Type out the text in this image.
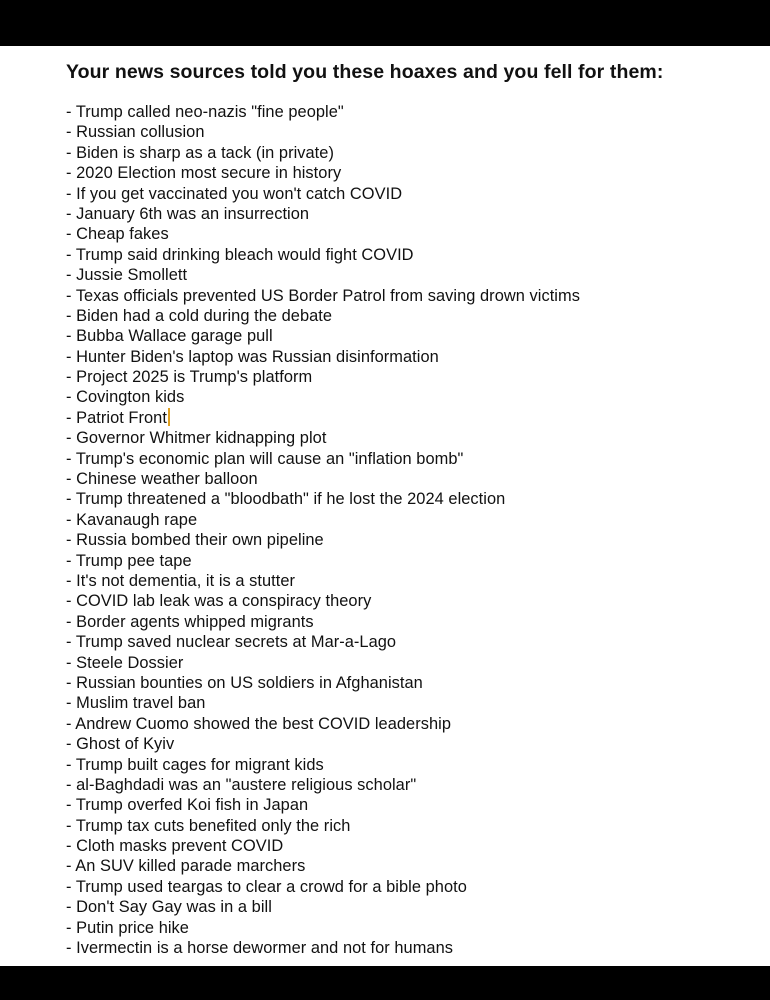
Your news sources told you these hoaxes and you fell for them:
- Trump called neo-nazis "fine people"
- Russian collusion
- Biden is sharp as a tack (in private)
- 2020 Election most secure in history
- If you get vaccinated you won't catch COVID
- January 6th was an insurrection
- Cheap fakes
- Trump said drinking bleach would fight COVID
- Jussie Smollett
- Texas officials prevented US Border Patrol from saving drown victims
- Biden had a cold during the debate
- Bubba Wallace garage pull
- Hunter Biden's laptop was Russian disinformation
- Project 2025 is Trump's platform
- Covington kids
- Patriot Front
- Governor Whitmer kidnapping plot
- Trump's economic plan will cause an "inflation bomb"
- Chinese weather balloon
- Trump threatened a "bloodbath" if he lost the 2024 election
- Kavanaugh rape
- Russia bombed their own pipeline
- Trump pee tape
- It's not dementia, it is a stutter
- COVID lab leak was a conspiracy theory
- Border agents whipped migrants
- Trump saved nuclear secrets at Mar-a-Lago
- Steele Dossier
- Russian bounties on US soldiers in Afghanistan
- Muslim travel ban
- Andrew Cuomo showed the best COVID leadership
- Ghost of Kyiv
- Trump built cages for migrant kids
- al-Baghdadi was an "austere religious scholar"
- Trump overfed Koi fish in Japan
- Trump tax cuts benefited only the rich
- Cloth masks prevent COVID
- An SUV killed parade marchers
- Trump used teargas to clear a crowd for a bible photo
- Don't Say Gay was in a bill
- Putin price hike
- Ivermectin is a horse dewormer and not for humans
